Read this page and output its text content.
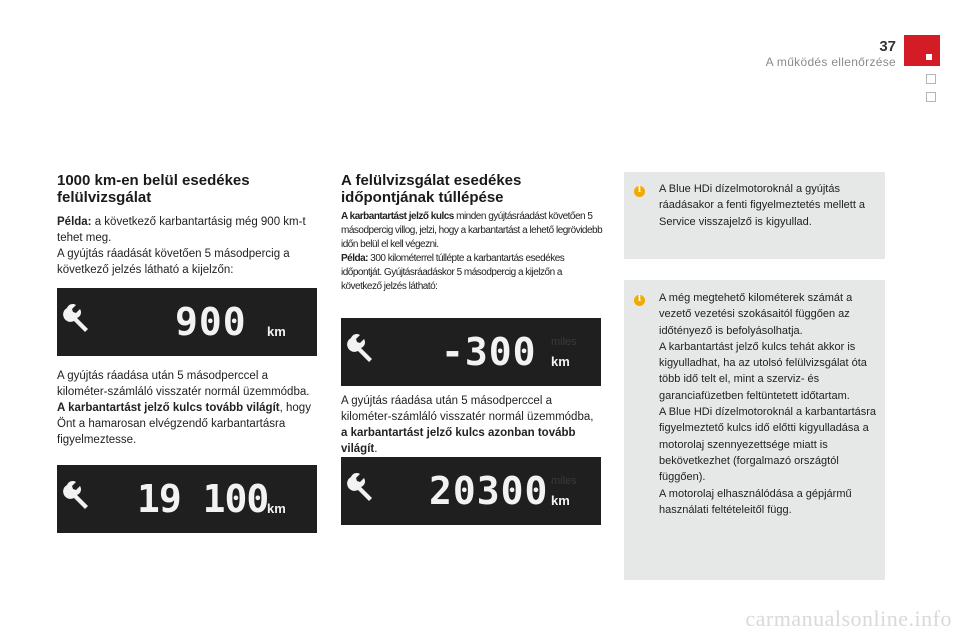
37
A működés ellenőrzése
1000 km-en belül esedékes felülvizsgálat
Példa: a következő karbantartásig még 900 km-t tehet meg.
A gyújtás ráadását követően 5 másodpercig a következő jelzés látható a kijelzőn:
900 km
A gyújtás ráadása után 5 másodperccel a kilométer-számláló visszatér normál üzemmódba. A karbantartást jelző kulcs tovább világít, hogy Önt a hamarosan elvégzendő karbantartásra figyelmeztesse.
19 100
km
A felülvizsgálat esedékes időpontjának túllépése
A karbantartást jelző kulcs minden gyújtásráadást követően 5 másodpercig villog, jelzi, hogy a karbantartást a lehető legrövidebb időn belül el kell végezni.
Példa: 300 kilométerrel túllépte a karbantartás esedékes időpontját. Gyújtásráadáskor 5 másodpercig a kijelzőn a következő jelzés látható:
miles
-300 km
A gyújtás ráadása után 5 másodperccel a kilométer-számláló visszatér normál üzemmódba, a karbantartást jelző kulcs azonban tovább világít.
miles
20300 km
i
A Blue HDi dízelmotoroknál a gyújtás ráadásakor a fenti figyelmeztetés mellett a Service visszajelző is kigyullad.
i
A még megtehető kilométerek számát a vezető vezetési szokásaitól függően az időtényező is befolyásolhatja.
A karbantartást jelző kulcs tehát akkor is kigyulladhat, ha az utolsó felülvizsgálat óta több idő telt el, mint a szerviz- és garanciafüzetben feltüntetett időtartam.
A Blue HDi dízelmotoroknál a karbantartásra figyelmeztető kulcs idő előtti kigyulladása a motorolaj szennyezettsége miatt is bekövetkezhet (forgalmazó országtól függően).
A motorolaj elhasználódása a gépjármű használati feltételeitől függ.
carmanualsonline.info
